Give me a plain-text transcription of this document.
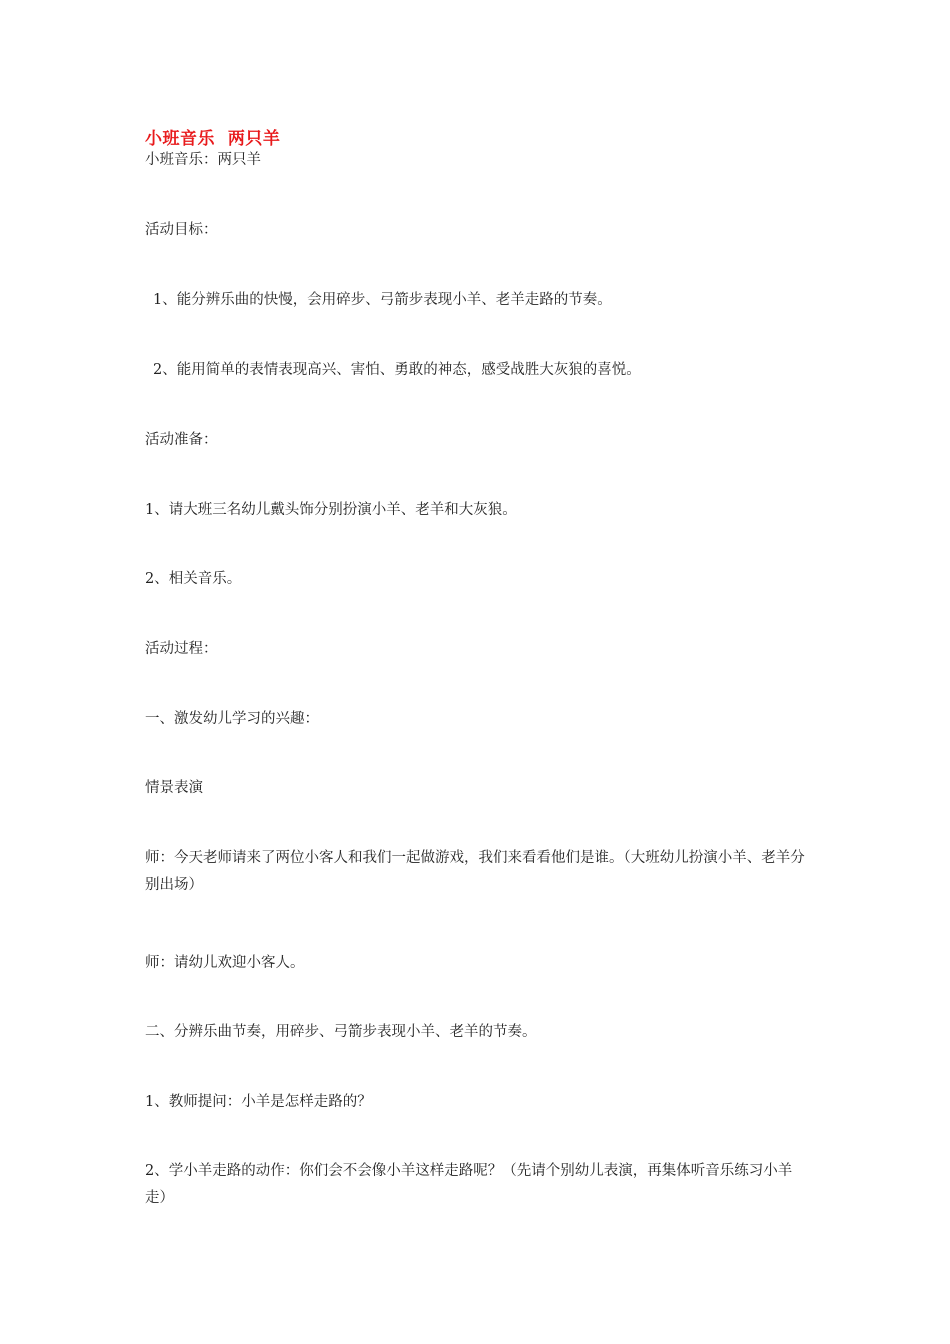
小班音乐  两只羊
小班音乐：两只羊
活动目标：
1、能分辨乐曲的快慢，会用碎步、弓箭步表现小羊、老羊走路的节奏。
2、能用简单的表情表现高兴、害怕、勇敢的神态，感受战胜大灰狼的喜悦。
活动准备：
1、请大班三名幼儿戴头饰分别扮演小羊、老羊和大灰狼。
2、相关音乐。
活动过程：
一、激发幼儿学习的兴趣：
情景表演
师：今天老师请来了两位小客人和我们一起做游戏，我们来看看他们是谁。（大班幼儿扮演小羊、老羊分别出场）
师：请幼儿欢迎小客人。
二、分辨乐曲节奏，用碎步、弓箭步表现小羊、老羊的节奏。
1、教师提问：小羊是怎样走路的？
2、学小羊走路的动作：你们会不会像小羊这样走路呢？（先请个别幼儿表演，再集体听音乐练习小羊走）
